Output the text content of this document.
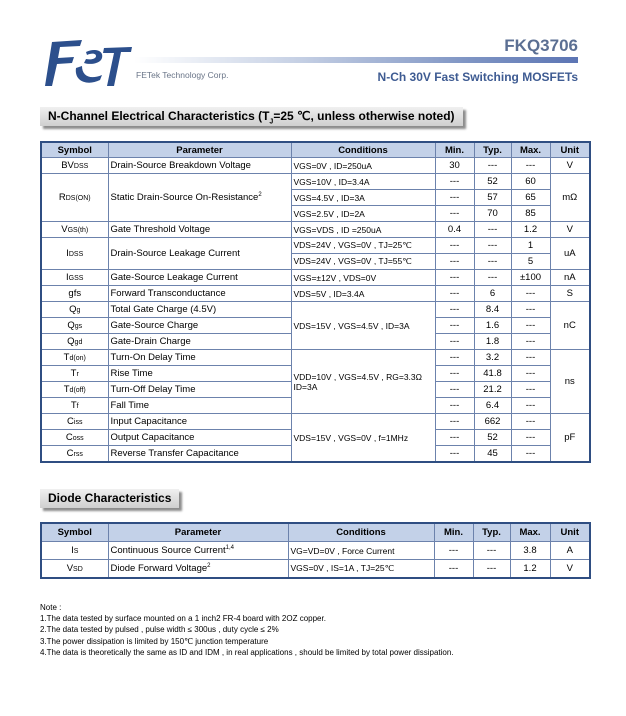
FETek Technology Corp.
FKQ3706
N-Ch 30V Fast Switching MOSFETs
N-Channel Electrical Characteristics ($T_J=25$ ℃, unless otherwise noted)
Symbol	Parameter	Conditions	Min.	Typ.	Max.	Unit
BVDSS	Drain-Source Breakdown Voltage	VGS=0V , ID=250uA	30	---	---	V
RDS(ON)	Static Drain-Source On-Resistance$^2$	VGS=10V , ID=3.4A	---	52	60	mΩ
		VGS=4.5V , ID=3A	---	57	65	
		VGS=2.5V , ID=2A	---	70	85	
VGS(th)	Gate Threshold Voltage	VGS=VDS , ID =250uA	0.4	---	1.2	V
IDSS	Drain-Source Leakage Current	VDS=24V , VGS=0V , TJ=25℃	---	---	1	uA
		VDS=24V , VGS=0V , TJ=55℃	---	---	5	
IGSS	Gate-Source Leakage Current	VGS=±12V , VDS=0V	---	---	±100	nA
gfs	Forward Transconductance	VDS=5V , ID=3.4A	---	6	---	S
Qg	Total Gate Charge (4.5V)	VDS=15V , VGS=4.5V , ID=3A	---	8.4	---	nC
Qgs	Gate-Source Charge		---	1.6	---	
Qgd	Gate-Drain Charge		---	1.8	---	
Td(on)	Turn-On Delay Time	VDD=10V , VGS=4.5V , RG=3.3Ω ID=3A	---	3.2	---	ns
Tr	Rise Time		---	41.8	---	
Td(off)	Turn-Off Delay Time		---	21.2	---	
Tf	Fall Time		---	6.4	---	
Ciss	Input Capacitance	VDS=15V , VGS=0V , f=1MHz	---	662	---	pF
Coss	Output Capacitance		---	52	---	
Crss	Reverse Transfer Capacitance		---	45	---	
Diode Characteristics
Symbol	Parameter	Conditions	Min.	Typ.	Max.	Unit
IS	Continuous Source Current$^{1,4}$	VG=VD=0V , Force Current	---	---	3.8	A
VSD	Diode Forward Voltage$^2$	VGS=0V , IS=1A , TJ=25℃	---	---	1.2	V
Note :
1.The data tested by surface mounted on a 1 inch2 FR-4 board with 2OZ copper.
2.The data tested by pulsed , pulse width ≤ 300us , duty cycle ≤ 2%
3.The power dissipation is limited by 150℃ junction temperature
4.The data is theoretically the same as ID and IDM , in real applications , should be limited by total power dissipation.
